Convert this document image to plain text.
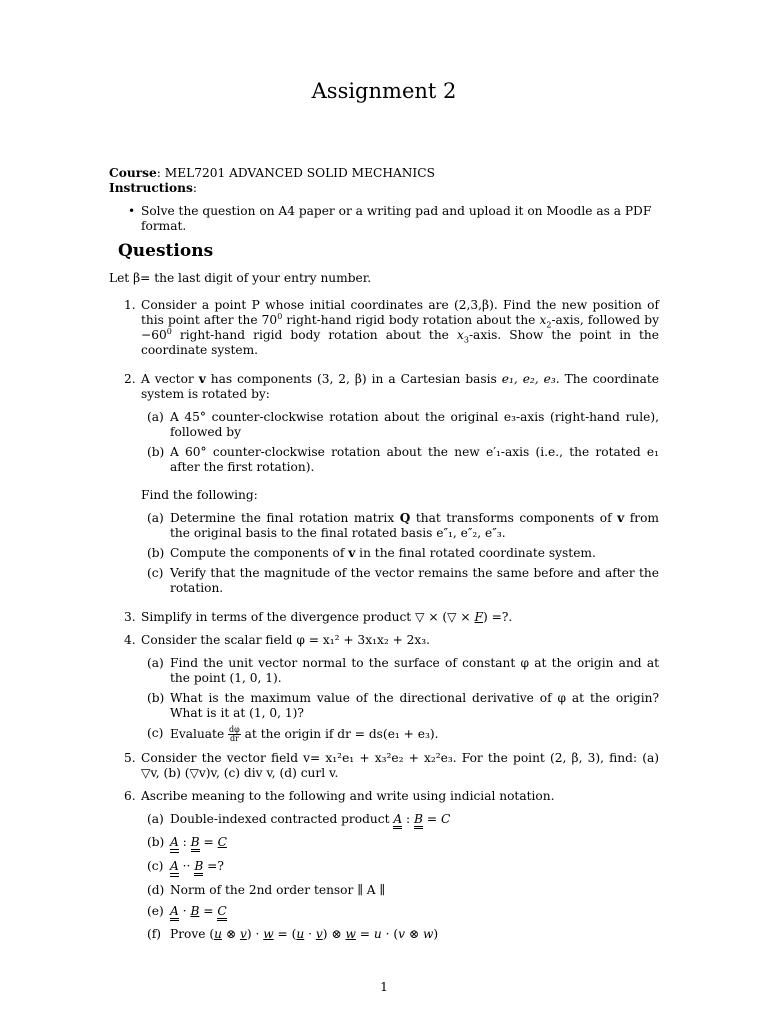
Assignment 2
Course: MEL7201 ADVANCED SOLID MECHANICS
Instructions:
• Solve the question on A4 paper or a writing pad and upload it on Moodle as a PDF format.
Questions
Let β= the last digit of your entry number.
1. Consider a point P whose initial coordinates are (2,3,β). Find the new position of this point after the $70^0$ right-hand rigid body rotation about the $x_2$-axis, followed by $-60^0$ right-hand rigid body rotation about the $x_3$-axis. Show the point in the coordinate system.
2. A vector v has components (3, 2, β) in a Cartesian basis e₁, e₂, e₃. The coordinate system is rotated by:
(a) A 45° counter-clockwise rotation about the original e₃-axis (right-hand rule), followed by
(b) A 60° counter-clockwise rotation about the new e′₁-axis (i.e., the rotated e₁ after the first rotation).
Find the following:
(a) Determine the final rotation matrix Q that transforms components of v from the original basis to the final rotated basis e″₁, e″₂, e″₃.
(b) Compute the components of v in the final rotated coordinate system.
(c) Verify that the magnitude of the vector remains the same before and after the rotation.
3. Simplify in terms of the divergence product ▽ × (▽ × F) =?.
4. Consider the scalar field φ = x₁² + 3x₁x₂ + 2x₃.
(a) Find the unit vector normal to the surface of constant φ at the origin and at the point (1, 0, 1).
(b) What is the maximum value of the directional derivative of φ at the origin? What is it at (1, 0, 1)?
(c) Evaluate $\frac{d\varphi}{dr}$ at the origin if dr = ds(e₁ + e₃).
5. Consider the vector field v= x₁²e₁ + x₃²e₂ + x₂²e₃. For the point (2, β, 3), find: (a) ▽v, (b) (▽v)v, (c) div v, (d) curl v.
6. Ascribe meaning to the following and write using indicial notation.
(a) Double-indexed contracted product A : B = C
(b) A : B = C
(c) A ·· B =?
(d) Norm of the 2nd order tensor ∥ A ∥
(e) A · B = C
(f) Prove (u ⊗ v) · w = (u · v) ⊗ w = u · (v ⊗ w)
1
